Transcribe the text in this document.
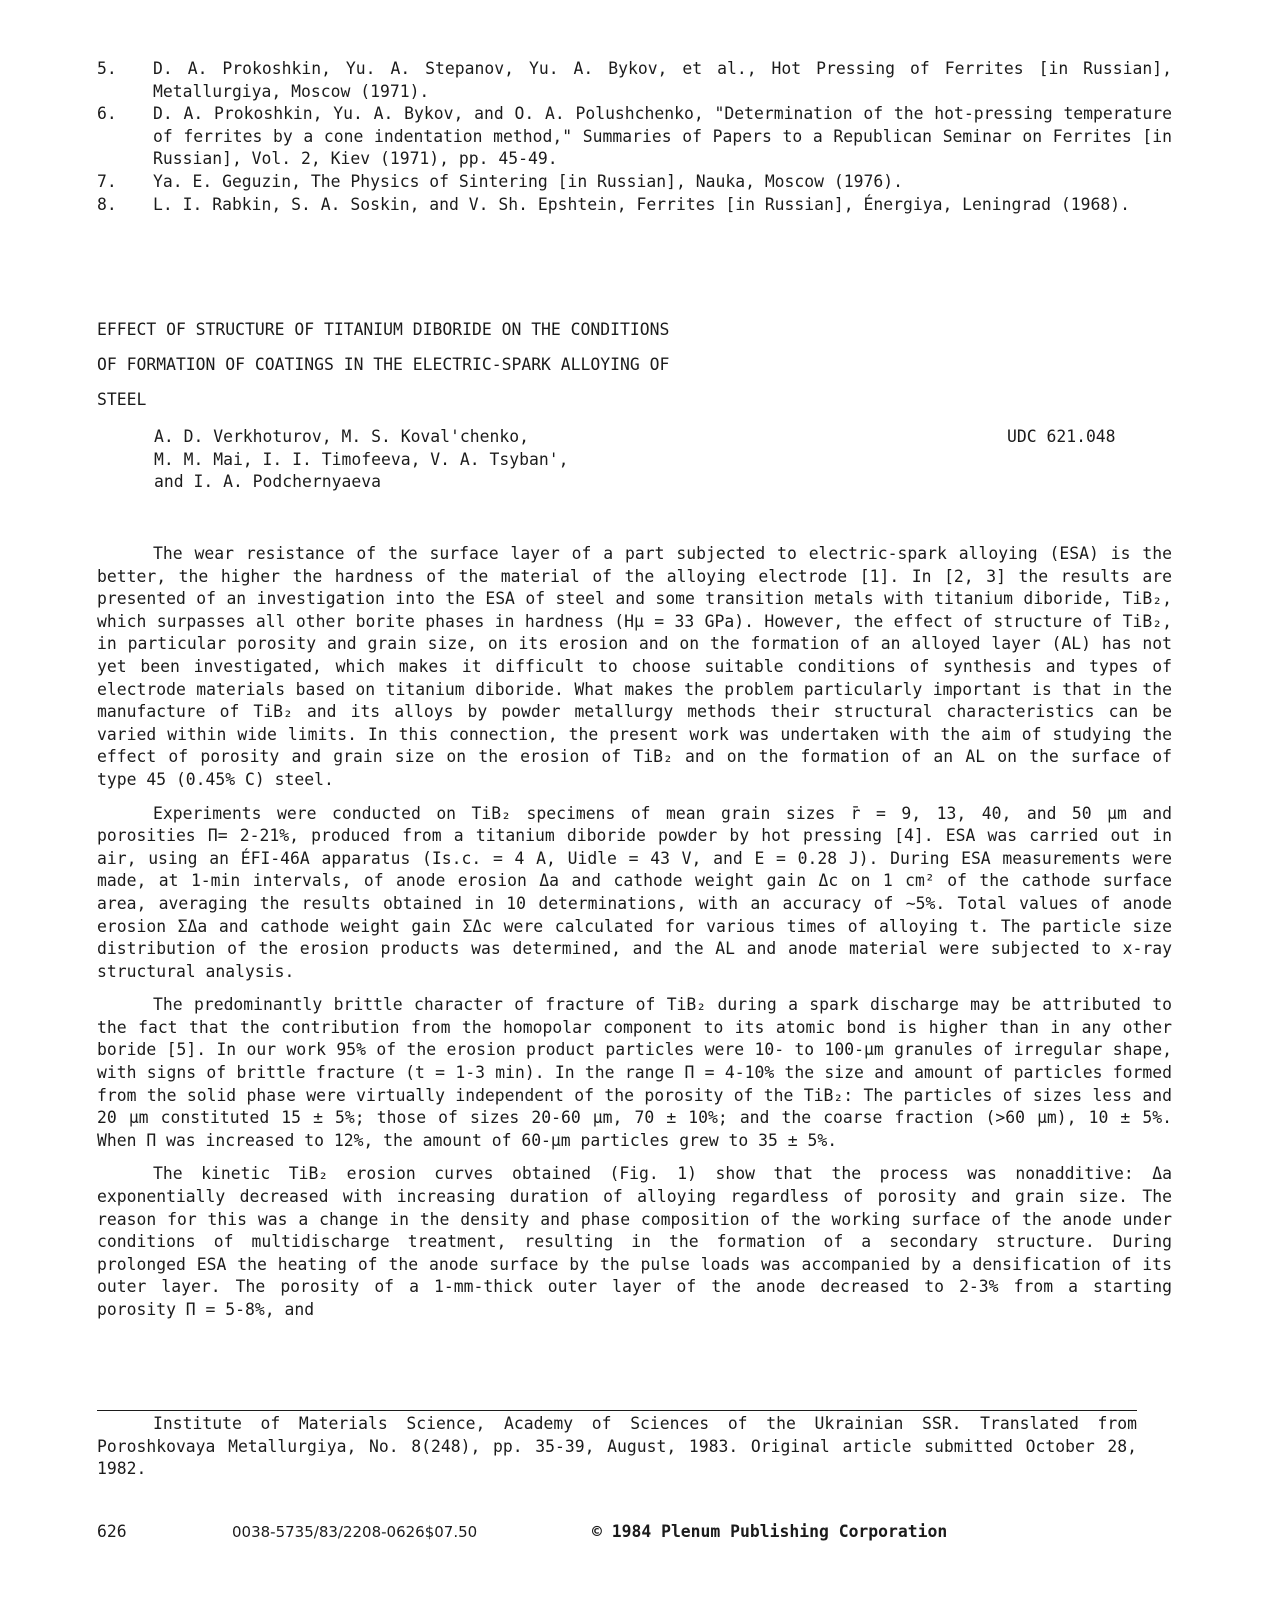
5.	D. A. Prokoshkin, Yu. A. Stepanov, Yu. A. Bykov, et al., Hot Pressing of Ferrites [in Russian], Metallurgiya, Moscow (1971).
6.	D. A. Prokoshkin, Yu. A. Bykov, and O. A. Polushchenko, "Determination of the hot-pressing temperature of ferrites by a cone indentation method," Summaries of Papers to a Republican Seminar on Ferrites [in Russian], Vol. 2, Kiev (1971), pp. 45-49.
7.	Ya. E. Geguzin, The Physics of Sintering [in Russian], Nauka, Moscow (1976).
8.	L. I. Rabkin, S. A. Soskin, and V. Sh. Epshtein, Ferrites [in Russian], Énergiya, Leningrad (1968).
EFFECT OF STRUCTURE OF TITANIUM DIBORIDE ON THE CONDITIONS
OF FORMATION OF COATINGS IN THE ELECTRIC-SPARK ALLOYING OF
STEEL
A. D. Verkhoturov, M. S. Koval'chenko,
M. M. Mai, I. I. Timofeeva, V. A. Tsyban',
and I. A. Podchernyaeva
UDC 621.048

The wear resistance of the surface layer of a part subjected to electric-spark alloying (ESA) is the better, the higher the hardness of the material of the alloying electrode [1]. In [2, 3] the results are presented of an investigation into the ESA of steel and some transition metals with titanium diboride, TiB₂, which surpasses all other borite phases in hardness (Hμ = 33 GPa). However, the effect of structure of TiB₂, in particular porosity and grain size, on its erosion and on the formation of an alloyed layer (AL) has not yet been investigated, which makes it difficult to choose suitable conditions of synthesis and types of electrode materials based on titanium diboride. What makes the problem particularly important is that in the manufacture of TiB₂ and its alloys by powder metallurgy methods their structural characteristics can be varied within wide limits. In this connection, the present work was undertaken with the aim of studying the effect of porosity and grain size on the erosion of TiB₂ and on the formation of an AL on the surface of type 45 (0.45% C) steel.

Experiments were conducted on TiB₂ specimens of mean grain sizes r̄ = 9, 13, 40, and 50 μm and porosities Π= 2-21%, produced from a titanium diboride powder by hot pressing [4]. ESA was carried out in air, using an ÉFI-46A apparatus (Is.c. = 4 A, Uidle = 43 V, and E = 0.28 J). During ESA measurements were made, at 1-min intervals, of anode erosion Δa and cathode weight gain Δc on 1 cm² of the cathode surface area, averaging the results obtained in 10 determinations, with an accuracy of ~5%. Total values of anode erosion ΣΔa and cathode weight gain ΣΔc were calculated for various times of alloying t. The particle size distribution of the erosion products was determined, and the AL and anode material were subjected to x-ray structural analysis.

The predominantly brittle character of fracture of TiB₂ during a spark discharge may be attributed to the fact that the contribution from the homopolar component to its atomic bond is higher than in any other boride [5]. In our work 95% of the erosion product particles were 10- to 100-μm granules of irregular shape, with signs of brittle fracture (t = 1-3 min). In the range Π = 4-10% the size and amount of particles formed from the solid phase were virtually independent of the porosity of the TiB₂: The particles of sizes less and 20 μm constituted 15 ± 5%; those of sizes 20-60 μm, 70 ± 10%; and the coarse fraction (>60 μm), 10 ± 5%. When Π was increased to 12%, the amount of 60-μm particles grew to 35 ± 5%.

The kinetic TiB₂ erosion curves obtained (Fig. 1) show that the process was nonadditive: Δa exponentially decreased with increasing duration of alloying regardless of porosity and grain size. The reason for this was a change in the density and phase composition of the working surface of the anode under conditions of multidischarge treatment, resulting in the formation of a secondary structure. During prolonged ESA the heating of the anode surface by the pulse loads was accompanied by a densification of its outer layer. The porosity of a 1-mm-thick outer layer of the anode decreased to 2-3% from a starting porosity Π = 5-8%, and

Institute of Materials Science, Academy of Sciences of the Ukrainian SSR. Translated from Poroshkovaya Metallurgiya, No. 8(248), pp. 35-39, August, 1983. Original article submitted October 28, 1982.
626	0038-5735/83/2208-0626$07.50	© 1984 Plenum Publishing Corporation
